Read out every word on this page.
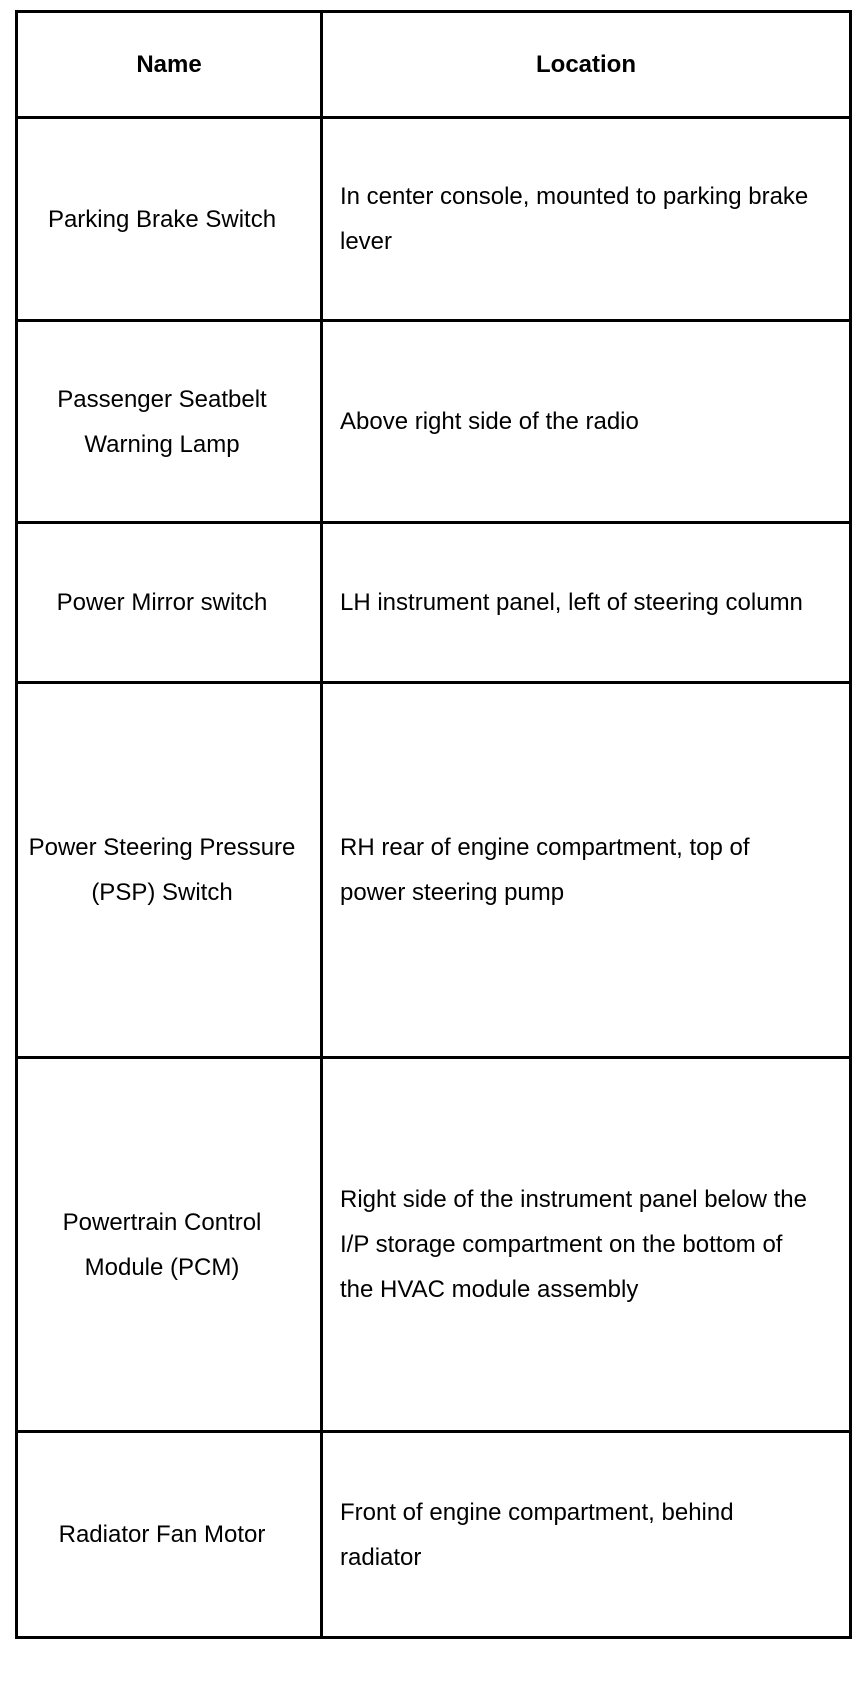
Name	Location
Parking Brake Switch	In center console, mounted to parking brake lever
Passenger Seatbelt Warning Lamp	Above right side of the radio
Power Mirror switch	LH instrument panel, left of steering column
Power Steering Pressure (PSP) Switch	RH rear of engine compartment, top of power steering pump
Powertrain Control Module (PCM)	Right side of the instrument panel below the I/P storage compartment on the bottom of the HVAC module assembly
Radiator Fan Motor	Front of engine compartment, behind radiator
